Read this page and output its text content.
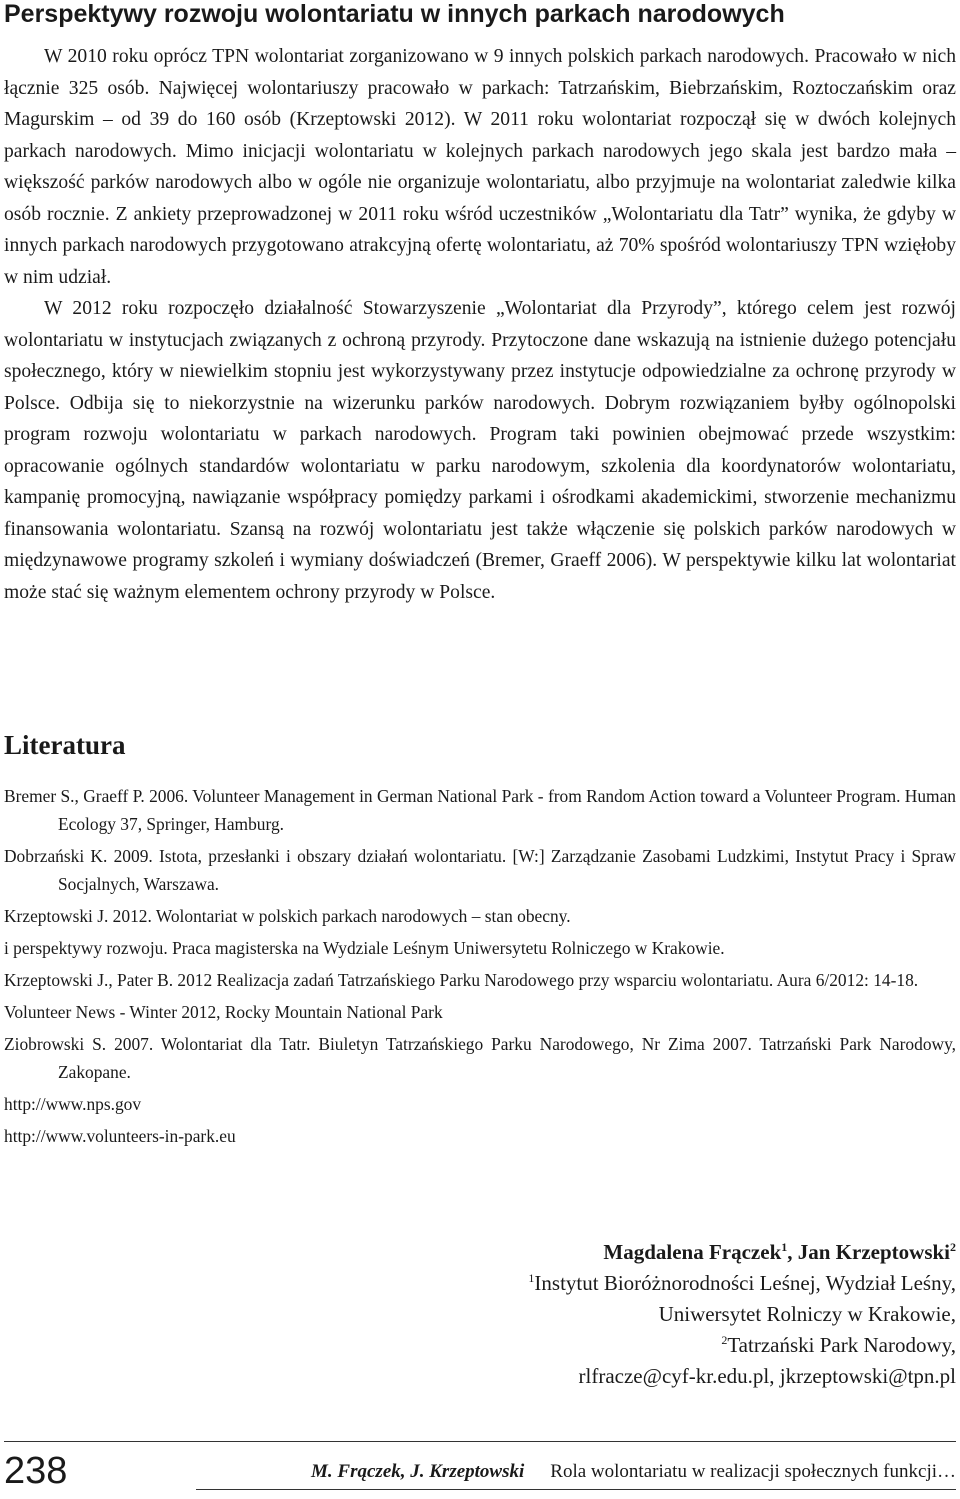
Perspektywy rozwoju wolontariatu w innych parkach narodowych

W 2010 roku oprócz TPN wolontariat zorganizowano w 9 innych polskich parkach narodowych. Pracowało w nich łącznie 325 osób. Najwięcej wolontariuszy pracowało w parkach: Tatrzańskim, Biebrzańskim, Roztoczańskim oraz Magurskim – od 39 do 160 osób (Krzeptowski 2012). W 2011 roku wolontariat rozpoczął się w dwóch kolejnych parkach narodowych. Mimo inicjacji wolontariatu w kolejnych parkach narodowych jego skala jest bardzo mała – większość parków narodowych albo w ogóle nie organizuje wolontariatu, albo przyjmuje na wolontariat zaledwie kilka osób rocznie. Z ankiety przeprowadzonej w 2011 roku wśród uczestników „Wolontariatu dla Tatr” wynika, że gdyby w innych parkach narodowych przygotowano atrakcyjną ofertę wolontariatu, aż 70% spośród wolontariuszy TPN wzięłoby w nim udział.

W 2012 roku rozpoczęło działalność Stowarzyszenie „Wolontariat dla Przyrody”, którego celem jest rozwój wolontariatu w instytucjach związanych z ochroną przyrody. Przytoczone dane wskazują na istnienie dużego potencjału społecznego, który w niewielkim stopniu jest wykorzystywany przez instytucje odpowiedzialne za ochronę przyrody w Polsce. Odbija się to niekorzystnie na wizerunku parków narodowych. Dobrym rozwiązaniem byłby ogólnopolski program rozwoju wolontariatu w parkach narodowych. Program taki powinien obejmować przede wszystkim: opracowanie ogólnych standardów wolontariatu w parku narodowym, szkolenia dla koordynatorów wolontariatu, kampanię promocyjną, nawiązanie współpracy pomiędzy parkami i ośrodkami akademickimi, stworzenie mechanizmu finansowania wolontariatu. Szansą na rozwój wolontariatu jest także włączenie się polskich parków narodowych w międzynawowe programy szkoleń i wymiany doświadczeń (Bremer, Graeff 2006). W perspektywie kilku lat wolontariat może stać się ważnym elementem ochrony przyrody w Polsce.

Literatura
Bremer S., Graeff P. 2006. Volunteer Management in German National Park - from Random Action toward a Volunteer Program. Human Ecology 37, Springer, Hamburg.
Dobrzański K. 2009. Istota, przesłanki i obszary działań wolontariatu. [W:] Zarządzanie Zasobami Ludzkimi, Instytut Pracy i Spraw Socjalnych, Warszawa.
Krzeptowski J. 2012. Wolontariat w polskich parkach narodowych – stan obecny.
i perspektywy rozwoju. Praca magisterska na Wydziale Leśnym Uniwersytetu Rolniczego w Krakowie.
Krzeptowski J., Pater B. 2012 Realizacja zadań Tatrzańskiego Parku Narodowego przy wsparciu wolontariatu. Aura 6/2012: 14-18.
Volunteer News - Winter 2012, Rocky Mountain National Park
Ziobrowski S. 2007. Wolontariat dla Tatr. Biuletyn Tatrzańskiego Parku Narodowego, Nr Zima 2007. Tatrzański Park Narodowy, Zakopane.
http://www.nps.gov
http://www.volunteers-in-park.eu
Magdalena Frączek$^1$, Jan Krzeptowski$^2$
$^1$Instytut Bioróżnorodności Leśnej, Wydział Leśny,
Uniwersytet Rolniczy w Krakowie,
$^2$Tatrzański Park Narodowy,
rlfracze@cyf-kr.edu.pl, jkrzeptowski@tpn.pl
238	M. Frączek, J. Krzeptowski Rola wolontariatu w realizacji społecznych funkcji…
